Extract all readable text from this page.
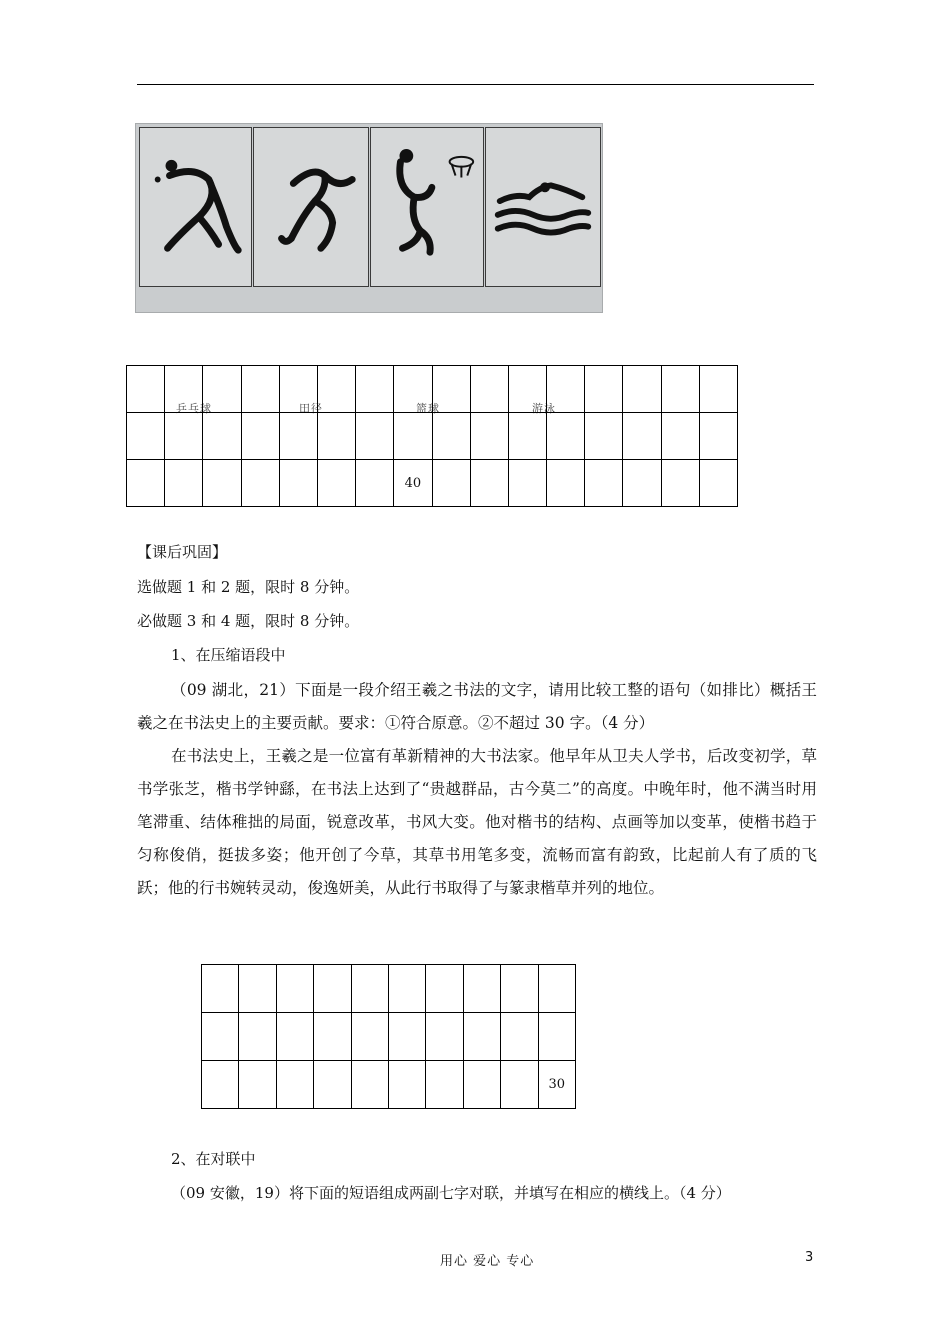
乒乓球	田径	篮球	游泳

							40								
【课后巩固】
选做题 1 和 2 题，限时 8 分钟。
必做题 3 和 4 题，限时 8 分钟。
1、在压缩语段中

（09 湖北，21）下面是一段介绍王羲之书法的文字，请用比较工整的语句（如排比）概括王羲之在书法史上的主要贡献。要求：①符合原意。②不超过 30 字。（4 分）

在书法史上，王羲之是一位富有革新精神的大书法家。他早年从卫夫人学书，后改变初学，草书学张芝，楷书学钟繇，在书法上达到了“贵越群品，古今莫二”的高度。中晚年时，他不满当时用笔滞重、结体稚拙的局面，锐意改革，书风大变。他对楷书的结构、点画等加以变革，使楷书趋于匀称俊俏，挺拔多姿；他开创了今草，其草书用笔多变，流畅而富有韵致，比起前人有了质的飞跃；他的行书婉转灵动，俊逸妍美，从此行书取得了与篆隶楷草并列的地位。

									30
2、在对联中
（09 安徽，19）将下面的短语组成两副七字对联，并填写在相应的横线上。（4 分）
用心 爱心 专心	3
